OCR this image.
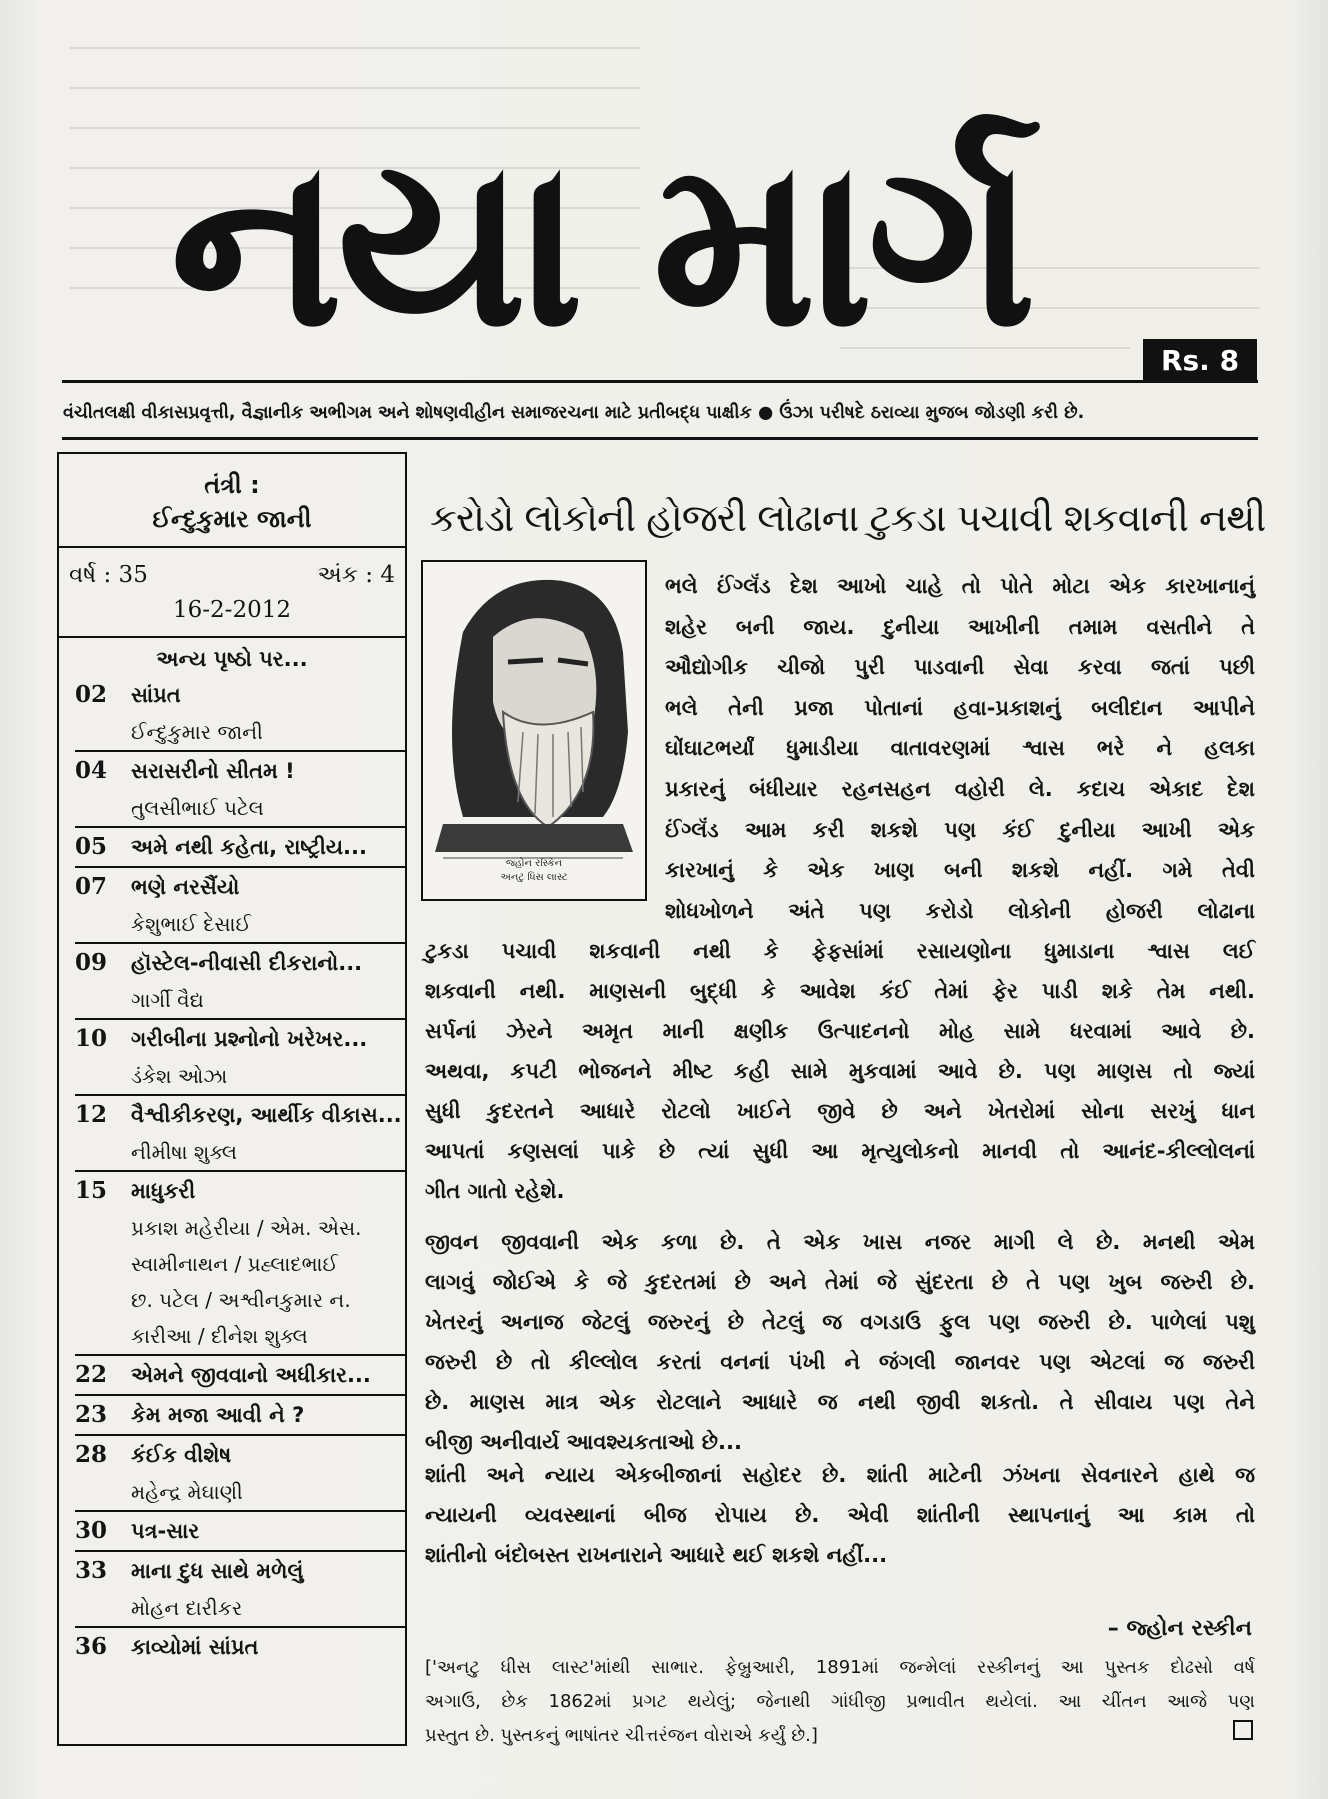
નયા માર્ગ	Rs. 8
વંચીતલક્ષી વીકાસપ્રવૃત્તી, વૈજ્ઞાનીક અભીગમ અને શોષણવીહીન સમાજરચના માટે પ્રતીબદ્ધ પાક્ષીક ● ઉંઝા પરીષદે ઠરાવ્યા મુજબ જોડણી કરી છે.
તંત્રી :
ઈન્દુકુમાર જાની
વર્ષ : 35	અંક : 4
16-2-2012
અન્ય પૃષ્ઠો પર...
02	સાંપ્રત
ઈન્દુકુમાર જાની
04	સરાસરીનો સીતમ !
તુલસીભાઈ પટેલ
05	અમે નથી કહેતા, રાષ્ટ્રીય...
07	ભણે નરસૈંયો
કેશુભાઈ દેસાઈ
09	હૉસ્ટેલ-નીવાસી દીકરાનો...
ગાર્ગી વૈદ્ય
10	ગરીબીના પ્રશ્નોનો ખરેખર...
ડંકેશ ઓઝા
12	વૈશ્વીકીકરણ, આર્થીક વીકાસ...
નીમીષા શુક્લ
15	માધુકરી
પ્રકાશ મહેરીયા / એમ. એસ.
સ્વામીનાથન / પ્રહ્લાદભાઈ
છ. પટેલ / અશ્વીનકુમાર ન.
કારીઆ / દીનેશ શુક્લ
22	એમને જીવવાનો અધીકાર...
23	કેમ મજા આવી ને ?
28	કંઈક વીશેષ
મહેન્દ્ર મેઘાણી
30	પત્ર-સાર
33	માના દુધ સાથે મળેલું
મોહન દારીકર
36	કાવ્યોમાં સાંપ્રત
કરોડો લોકોની હોજરી લોઢાના ટુકડા પચાવી શકવાની નથી
જ્હોન રસ્કિન
અનટુ ધિસ લાસ્ટ

ભલે ઈંગ્લૅંડ દેશ આખો ચાહે તો પોતે મોટા એક કારખાનાનું

શહેર બની જાય. દુનીયા આખીની તમામ વસતીને તે

ઔદ્યોગીક ચીજો પુરી પાડવાની સેવા કરવા જતાં પછી

ભલે તેની પ્રજા પોતાનાં હવા-પ્રકાશનું બલીદાન આપીને

ઘોંઘાટભર્યાં ધુમાડીયા વાતાવરણમાં શ્વાસ ભરે ને હલકા

પ્રકારનું બંધીયાર રહનસહન વહોરી લે. કદાચ એકાદ દેશ

ઈંગ્લૅંડ આમ કરી શકશે પણ કંઈ દુનીયા આખી એક

કારખાનું કે એક ખાણ બની શકશે નહીં. ગમે તેવી

શોધખોળને અંતે પણ કરોડો લોકોની હોજરી લોઢાના

ટુકડા પચાવી શકવાની નથી કે ફેફસાંમાં રસાયણોના ધુમાડાના શ્વાસ લઈ

શકવાની નથી. માણસની બુદ્ધી કે આવેશ કંઈ તેમાં ફેર પાડી શકે તેમ નથી.

સર્પનાં ઝેરને અમૃત માની ક્ષણીક ઉત્પાદનનો મોહ સામે ધરવામાં આવે છે.

અથવા, કપટી ભોજનને મીષ્ટ કહી સામે મુકવામાં આવે છે. પણ માણસ તો જ્યાં

સુધી કુદરતને આધારે રોટલો ખાઈને જીવે છે અને ખેતરોમાં સોના સરખું ધાન

આપતાં કણસલાં પાકે છે ત્યાં સુધી આ મૃત્યુલોકનો માનવી તો આનંદ-કીલ્લોલનાં

ગીત ગાતો રહેશે.

જીવન જીવવાની એક કળા છે. તે એક ખાસ નજર માગી લે છે. મનથી એમ

લાગવું જોઈએ કે જે કુદરતમાં છે અને તેમાં જે સુંદરતા છે તે પણ ખુબ જરુરી છે.

ખેતરનું અનાજ જેટલું જરુરનું છે તેટલું જ વગડાઉ ફુલ પણ જરુરી છે. પાળેલાં પશુ

જરુરી છે તો કીલ્લોલ કરતાં વનનાં પંખી ને જંગલી જાનવર પણ એટલાં જ જરુરી

છે. માણસ માત્ર એક રોટલાને આધારે જ નથી જીવી શકતો. તે સીવાય પણ તેને

બીજી અનીવાર્ય આવશ્યકતાઓ છે...

શાંતી અને ન્યાય એકબીજાનાં સહોદર છે. શાંતી માટેની ઝંખના સેવનારને હાથે જ

ન્યાયની વ્યવસ્થાનાં બીજ રોપાય છે. એવી શાંતીની સ્થાપનાનું આ કામ તો

શાંતીનો બંદોબસ્ત રાખનારાને આધારે થઈ શકશે નહીં...

– જ્હોન રસ્કીન

['અનટુ ધીસ લાસ્ટ'માંથી સાભાર. ફેબ્રુઆરી, 1891માં જન્મેલાં રસ્કીનનું આ પુસ્તક દોઢસો વર્ષ

અગાઉ, છેક 1862માં પ્રગટ થયેલું; જેનાથી ગાંધીજી પ્રભાવીત થયેલાં. આ ચીંતન આજે પણ

પ્રસ્તુત છે. પુસ્તકનું ભાષાંતર ચીત્તરંજન વોરાએ કર્યું છે.]
